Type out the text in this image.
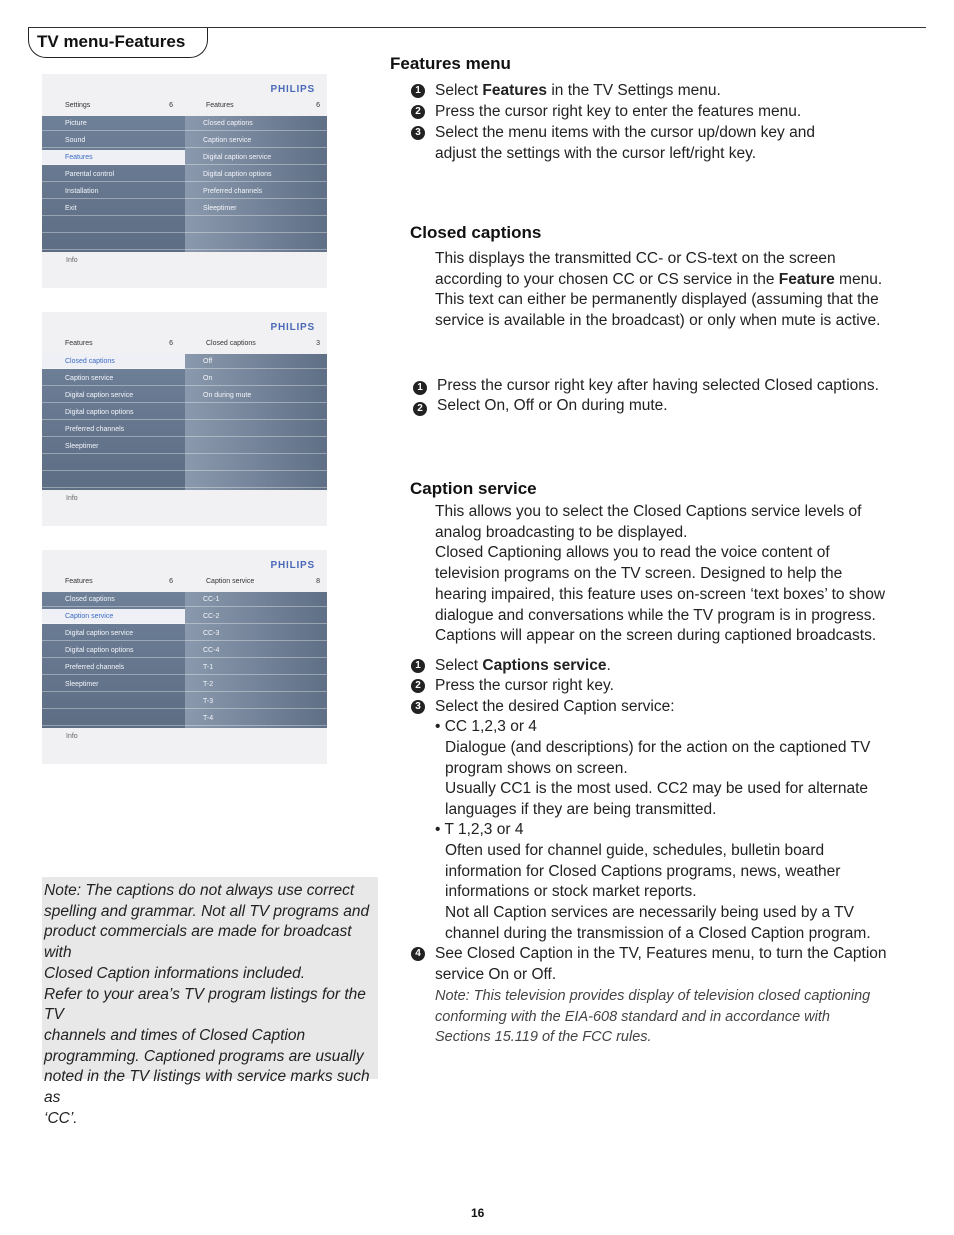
TV menu-Features
PHILIPS
Settings	6	Features	6
Picture
Sound
Features
Parental control
Installation
Exit
Closed captions
Caption service
Digital caption service
Digital caption options
Preferred channels
Sleeptimer
Info
PHILIPS
Features	6	Closed captions	3
Closed captions
Caption service
Digital caption service
Digital caption options
Preferred channels
Sleeptimer
Off
On
On during mute
Info
PHILIPS
Features	6	Caption service	8
Closed captions
Caption service
Digital caption service
Digital caption options
Preferred channels
Sleeptimer
CC-1
CC-2
CC-3
CC-4
T-1
T-2
T-3
T-4
Info
Note: The captions do not always use correct
spelling and grammar. Not all TV programs and
product commercials are made for broadcast with
Closed Caption informations included.
Refer to your area’s TV program listings for the TV
channels and times of Closed Caption
programming. Captioned programs are usually
noted in the TV listings with service marks such as
‘CC’.
Features menu
1 Select Features in the TV Settings menu.
2 Press the cursor right key to enter the features menu.
3 Select the menu items with the cursor up/down key and
adjust the settings with the cursor left/right key.
Closed captions
This displays the transmitted CC- or CS-text on the screen
according to your chosen CC or CS service in the Feature menu.
This text can either be permanently displayed (assuming that the
service is available in the broadcast) or only when mute is active.
1 Press the cursor right key after having selected Closed captions.
2 Select On, Off or On during mute.
Caption service
This allows you to select the Closed Captions service levels of
analog broadcasting to be displayed.
Closed Captioning allows you to read the voice content of
television programs on the TV screen. Designed to help the
hearing impaired, this feature uses on-screen ‘text boxes’ to show
dialogue and conversations while the TV program is in progress.
Captions will appear on the screen during captioned broadcasts.
1 Select Captions service.
2 Press the cursor right key.
3 Select the desired Caption service:
• CC 1,2,3 or 4
Dialogue (and descriptions) for the action on the captioned TV
program shows on screen.
Usually CC1 is the most used. CC2 may be used for alternate
languages if they are being transmitted.
• T 1,2,3 or 4
Often used for channel guide, schedules, bulletin board
information for Closed Captions programs, news, weather
informations or stock market reports.
Not all Caption services are necessarily being used by a TV
channel during the transmission of a Closed Caption program.
4 See Closed Caption in the TV, Features menu, to turn the Caption
service On or Off.
Note: This television provides display of television closed captioning
conforming with the EIA-608 standard and in accordance with
Sections 15.119 of the FCC rules.
16
